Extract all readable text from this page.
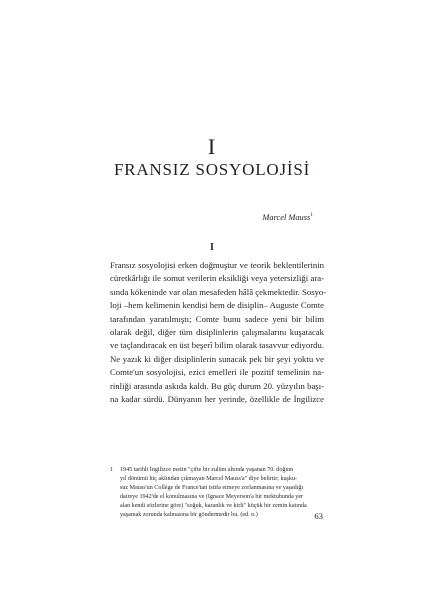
I
FRANSIZ SOSYOLOJİSİ
Marcel Mauss$^1$
I
Fransız sosyolojisi erken doğmuştur ve teorik beklentilerinin
cüretkârlığı ile somut verilerin eksikliği veya yetersizliği ara-
sında kökeninde var olan mesafeden hâlâ çekmektedir. Sosyo-
loji –hem kelimenin kendisi hem de disiplin– Auguste Comte
tarafından yaratılmıştı; Comte bunu sadece yeni bir bilim
olarak değil, diğer tüm disiplinlerin çalışmalarını kuşatacak
ve taçlandıracak en üst beşerî bilim olarak tasavvur ediyordu.
Ne yazık ki diğer disiplinlerin sunacak pek bir şeyi yoktu ve
Comte'un sosyolojisi, ezici emelleri ile pozitif temelinin na-
rinliği arasında askıda kaldı. Bu güç durum 20. yüzyılın başı-
na kadar sürdü. Dünyanın her yerinde, özellikle de İngilizce
1 1945 tarihli İngilizce metin "çifte bir zulüm altında yaşanan 70. doğum
yıl dönümü hiç aklından çıkmayan Marcel Mauss'a" diye belirtir; kuşku-
suz Mauss'un Collège de France'tan istifa etmeye zorlanmasına ve yaşadığı
daireye 1942'de el konulmasına ve (Ignace Meyerson'a bir mektubunda yer
alan kendi sözlerine göre) "soğuk, karanlık ve kirli" küçük bir zemin katında
yaşamak zorunda kalmasına bir göndermedir bu. (ed. n.)	63
